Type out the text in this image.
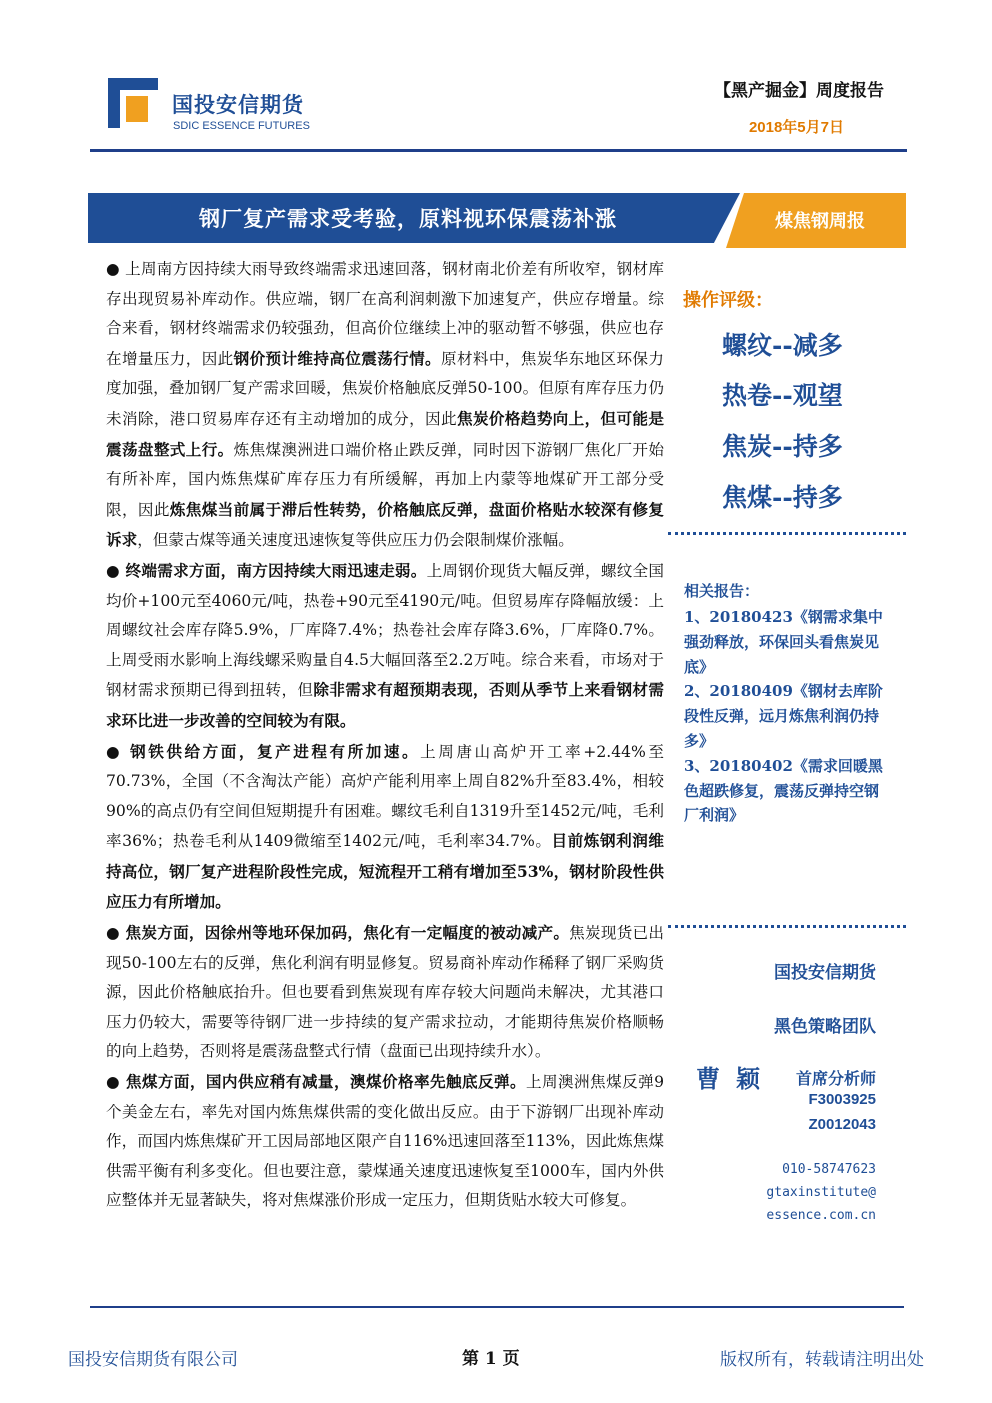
国投安信期货
SDIC ESSENCE FUTURES
【黑产掘金】周度报告
2018年5月7日
钢厂复产需求受考验，原料视环保震荡补涨	煤焦钢周报

● 上周南方因持续大雨导致终端需求迅速回落，钢材南北价差有所收窄，钢材库存出现贸易补库动作。供应端，钢厂在高利润刺激下加速复产，供应存增量。综合来看，钢材终端需求仍较强劲，但高价位继续上冲的驱动暂不够强，供应也存在增量压力，因此钢价预计维持高位震荡行情。原材料中，焦炭华东地区环保力度加强，叠加钢厂复产需求回暖，焦炭价格触底反弹50-100。但原有库存压力仍未消除，港口贸易库存还有主动增加的成分，因此焦炭价格趋势向上，但可能是震荡盘整式上行。炼焦煤澳洲进口端价格止跌反弹，同时因下游钢厂焦化厂开始有所补库，国内炼焦煤矿库存压力有所缓解，再加上内蒙等地煤矿开工部分受限，因此炼焦煤当前属于滞后性转势，价格触底反弹，盘面价格贴水较深有修复诉求，但蒙古煤等通关速度迅速恢复等供应压力仍会限制煤价涨幅。

● 终端需求方面，南方因持续大雨迅速走弱。上周钢价现货大幅反弹，螺纹全国均价+100元至4060元/吨，热卷+90元至4190元/吨。但贸易库存降幅放缓：上周螺纹社会库存降5.9%，厂库降7.4%；热卷社会库存降3.6%，厂库降0.7%。上周受雨水影响上海线螺采购量自4.5大幅回落至2.2万吨。综合来看，市场对于钢材需求预期已得到扭转，但除非需求有超预期表现，否则从季节上来看钢材需求环比进一步改善的空间较为有限。

● 钢铁供给方面，复产进程有所加速。上周唐山高炉开工率+2.44%至70.73%，全国（不含淘汰产能）高炉产能利用率上周自82%升至83.4%，相较90%的高点仍有空间但短期提升有困难。螺纹毛利自1319升至1452元/吨，毛利率36%；热卷毛利从1409微缩至1402元/吨，毛利率34.7%。目前炼钢利润维持高位，钢厂复产进程阶段性完成，短流程开工稍有增加至53%，钢材阶段性供应压力有所增加。

● 焦炭方面，因徐州等地环保加码，焦化有一定幅度的被动减产。焦炭现货已出现50-100左右的反弹，焦化利润有明显修复。贸易商补库动作稀释了钢厂采购货源，因此价格触底抬升。但也要看到焦炭现有库存较大问题尚未解决，尤其港口压力仍较大，需要等待钢厂进一步持续的复产需求拉动，才能期待焦炭价格顺畅的向上趋势，否则将是震荡盘整式行情（盘面已出现持续升水）。

● 焦煤方面，国内供应稍有减量，澳煤价格率先触底反弹。上周澳洲焦煤反弹9个美金左右，率先对国内炼焦煤供需的变化做出反应。由于下游钢厂出现补库动作，而国内炼焦煤矿开工因局部地区限产自116%迅速回落至113%，因此炼焦煤供需平衡有利多变化。但也要注意，蒙煤通关速度迅速恢复至1000车，国内外供应整体并无显著缺失，将对焦煤涨价形成一定压力，但期货贴水较大可修复。

操作评级：
螺纹--减多
热卷--观望
焦炭--持多
焦煤--持多
相关报告：
1、20180423《钢需求集中强劲释放，环保回头看焦炭见底》
2、20180409《钢材去库阶段性反弹，远月炼焦利润仍持多》
3、20180402《需求回暖黑色超跌修复，震荡反弹持空钢厂利润》
国投安信期货
黑色策略团队
曹颖 首席分析师
F3003925
Z0012043
010-58747623
gtaxinstitute@
essence.com.cn
国投安信期货有限公司	第 1 页	版权所有，转载请注明出处
